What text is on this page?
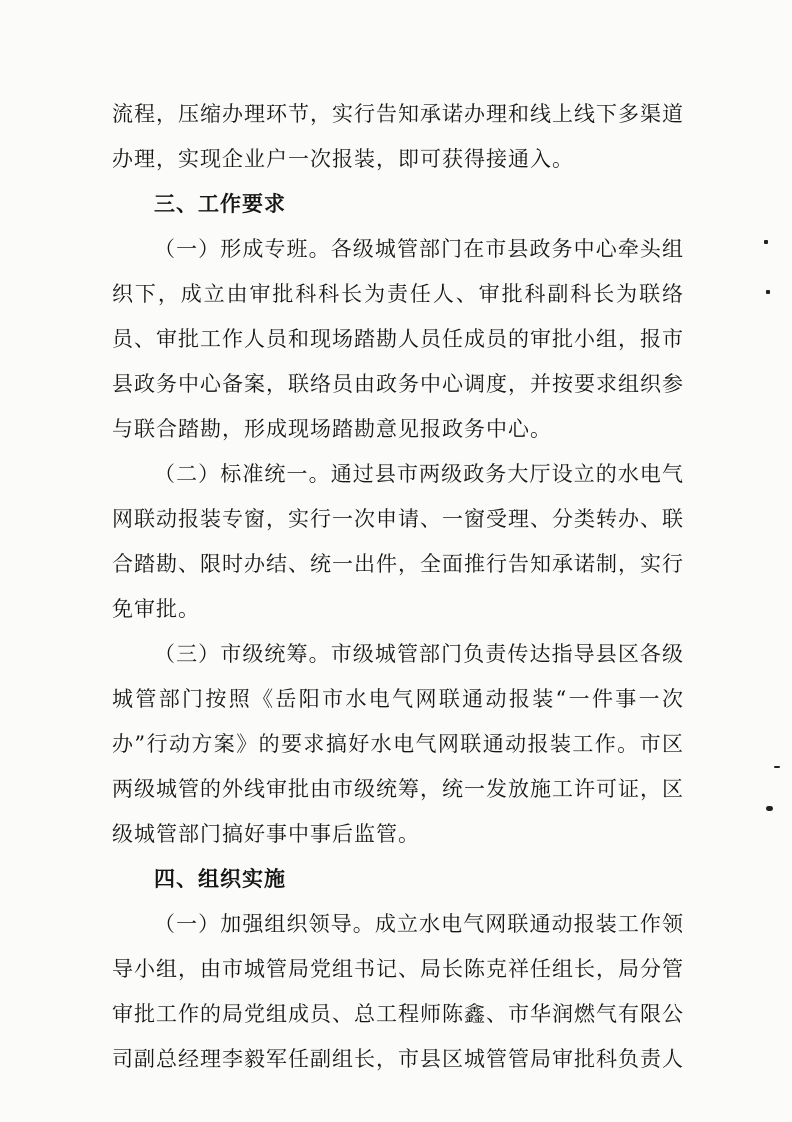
流程，压缩办理环节，实行告知承诺办理和线上线下多渠道办理，实现企业户一次报装，即可获得接通入。

三、工作要求

（一）形成专班。各级城管部门在市县政务中心牵头组织下，成立由审批科科长为责任人、审批科副科长为联络员、审批工作人员和现场踏勘人员任成员的审批小组，报市县政务中心备案，联络员由政务中心调度，并按要求组织参与联合踏勘，形成现场踏勘意见报政务中心。

（二）标准统一。通过县市两级政务大厅设立的水电气网联动报装专窗，实行一次申请、一窗受理、分类转办、联合踏勘、限时办结、统一出件，全面推行告知承诺制，实行免审批。

（三）市级统筹。市级城管部门负责传达指导县区各级城管部门按照《岳阳市水电气网联通动报装“一件事一次办”行动方案》的要求搞好水电气网联通动报装工作。市区两级城管的外线审批由市级统筹，统一发放施工许可证，区级城管部门搞好事中事后监管。

四、组织实施

（一）加强组织领导。成立水电气网联通动报装工作领导小组，由市城管局党组书记、局长陈克祥任组长，局分管审批工作的局党组成员、总工程师陈鑫、市华润燃气有限公司副总经理李毅军任副组长，市县区城管管局审批科负责人
